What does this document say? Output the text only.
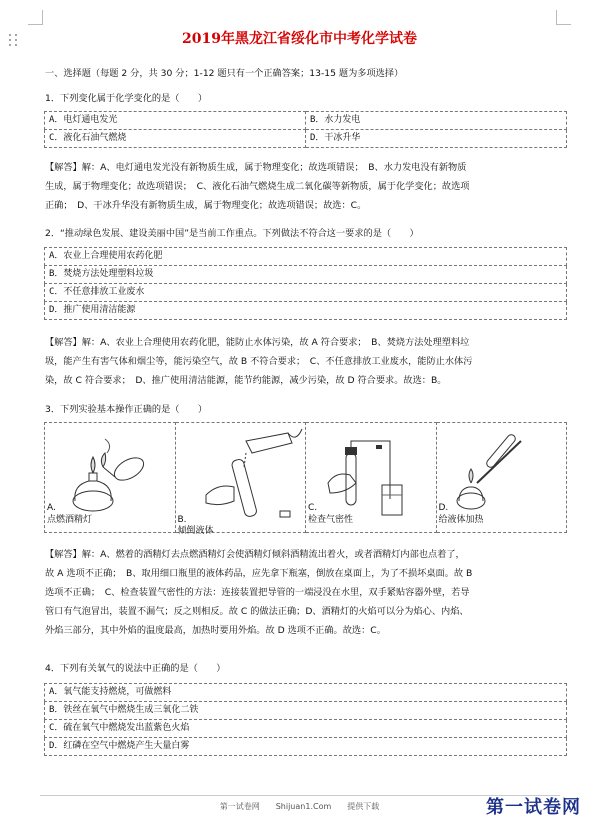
2019年黑龙江省绥化市中考化学试卷
一、选择题（每题 2 分，共 30 分；1-12 题只有一个正确答案；13-15 题为多项选择）
1．下列变化属于化学变化的是（　　）
A．电灯通电发光	B．水力发电
C．液化石油气燃烧	D．干冰升华
【解答】解：A、电灯通电发光没有新物质生成，属于物理变化；故选项错误；　B、水力发电没有新物质
生成，属于物理变化；故选项错误；　C、液化石油气燃烧生成二氧化碳等新物质，属于化学变化；故选项
正确；　D、干冰升华没有新物质生成，属于物理变化；故选项错误；故选：C。
2．“推动绿色发展、建设美丽中国”是当前工作重点。下列做法不符合这一要求的是（　　）
A．农业上合理使用农药化肥
B．焚烧方法处理塑料垃圾
C．不任意排放工业废水
D．推广使用清洁能源
【解答】解：A、农业上合理使用农药化肥，能防止水体污染，故 A 符合要求；　B、焚烧方法处理塑料垃
圾，能产生有害气体和烟尘等，能污染空气，故 B 不符合要求；　C、不任意排放工业废水，能防止水体污
染，故 C 符合要求；　D、推广使用清洁能源，能节约能源，减少污染，故 D 符合要求。故选：B。
3．下列实验基本操作正确的是（　　）
A.
点燃酒精灯	B.
倾倒液体

C.
检查气密性

D.
给液体加热
【解答】解：A、燃着的酒精灯去点燃酒精灯会使酒精灯倾斜酒精流出着火，或者酒精灯内部也点着了，
故 A 选项不正确；　B、取用细口瓶里的液体药品，应先拿下瓶塞，倒放在桌面上，为了不损坏桌面。故 B
选项不正确；　C、检查装置气密性的方法：连接装置把导管的一端浸没在水里，双手紧贴容器外壁，若导
管口有气泡冒出，装置不漏气；反之则相反。故 C 的做法正确；D、酒精灯的火焰可以分为焰心、内焰、
外焰三部分，其中外焰的温度最高，加热时要用外焰。故 D 选项不正确。故选：C。
4．下列有关氧气的说法中正确的是（　　）
A．氧气能支持燃烧，可做燃料
B．铁丝在氧气中燃烧生成三氧化二铁
C．硫在氧气中燃烧发出蓝紫色火焰
D．红磷在空气中燃烧产生大量白雾
第一试卷网　　Shijuan1.Com　　提供下载	第一试卷网
